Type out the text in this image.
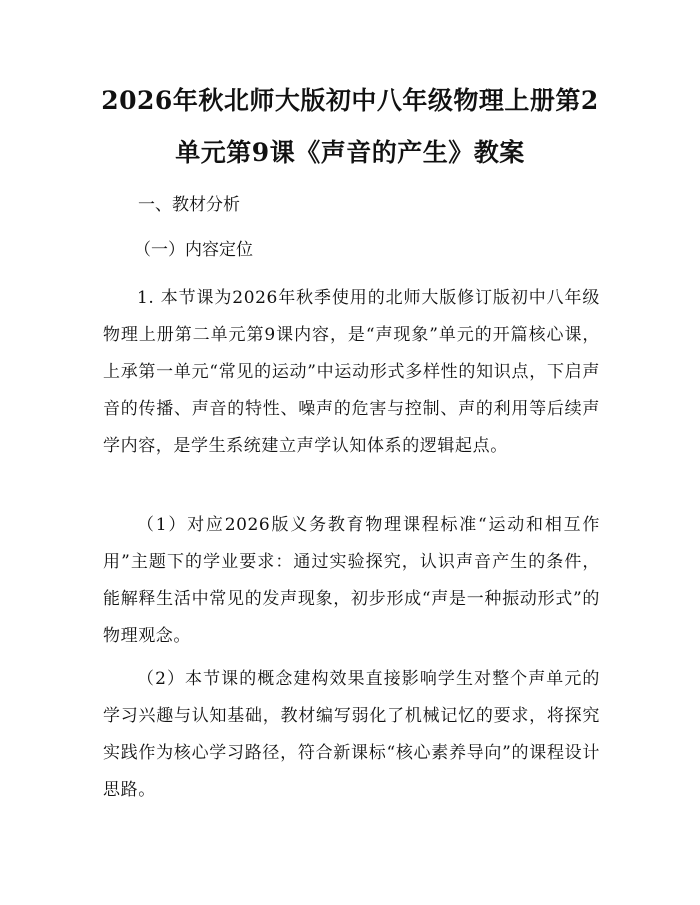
2026年秋北师大版初中八年级物理上册第2
单元第9课《声音的产生》教案
一、教材分析
（一）内容定位
1. 本节课为2026年秋季使用的北师大版修订版初中八年级物理上册第二单元第9课内容，是“声现象”单元的开篇核心课，上承第一单元“常见的运动”中运动形式多样性的知识点，下启声音的传播、声音的特性、噪声的危害与控制、声的利用等后续声学内容，是学生系统建立声学认知体系的逻辑起点。
（1）对应2026版义务教育物理课程标准“运动和相互作用”主题下的学业要求：通过实验探究，认识声音产生的条件，能解释生活中常见的发声现象，初步形成“声是一种振动形式”的物理观念。
（2）本节课的概念建构效果直接影响学生对整个声单元的学习兴趣与认知基础，教材编写弱化了机械记忆的要求，将探究实践作为核心学习路径，符合新课标“核心素养导向”的课程设计思路。
